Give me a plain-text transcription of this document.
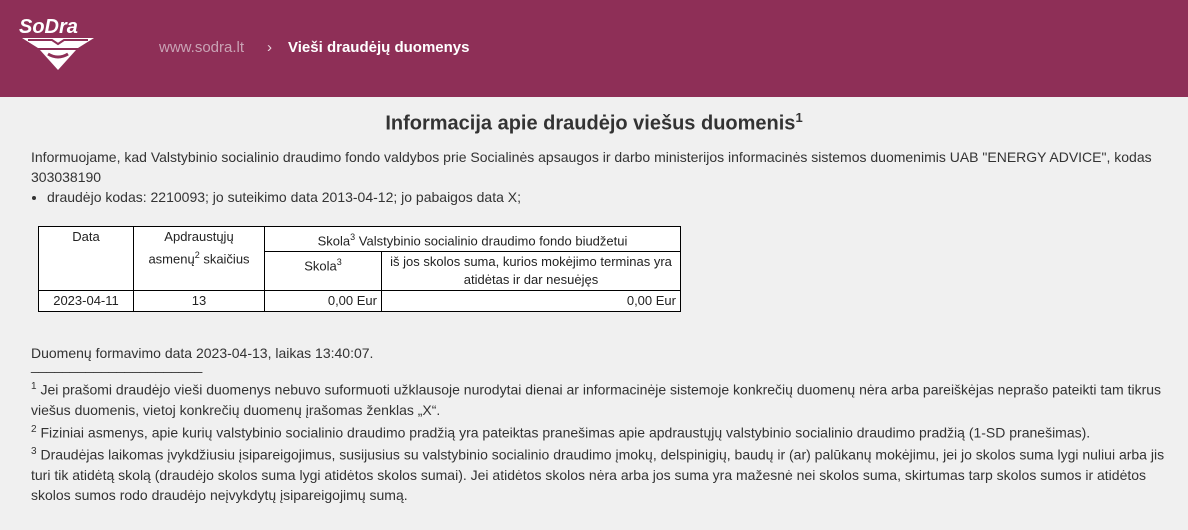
SoDra
www.sodra.lt › Vieši draudėjų duomenys
Informacija apie draudėjo viešus duomenis$^1$

Informuojame, kad Valstybinio socialinio draudimo fondo valdybos prie Socialinės apsaugos ir darbo ministerijos informacinės sistemos duomenimis UAB "ENERGY ADVICE", kodas 303038190

• draudėjo kodas: 2210093; jo suteikimo data 2013-04-12; jo pabaigos data X;
Data	Apdraustųjų asmenų$^2$ skaičius	Skola$^3$ Valstybinio socialinio draudimo fondo biudžetui	
		Skola$^3$	iš jos skolos suma, kurios mokėjimo terminas yra atidėtas ir dar nesuėjęs
2023-04-11	13	0,00 Eur	0,00 Eur
Duomenų formavimo data 2023-04-13, laikas 13:40:07.

______________________

$^1$ Jei prašomi draudėjo vieši duomenys nebuvo suformuoti užklausoje nurodytai dienai ar informacinėje sistemoje konkrečių duomenų nėra arba pareiškėjas neprašo pateikti tam tikrus viešus duomenis, vietoj konkrečių duomenų įrašomas ženklas „X“.

$^2$ Fiziniai asmenys, apie kurių valstybinio socialinio draudimo pradžią yra pateiktas pranešimas apie apdraustųjų valstybinio socialinio draudimo pradžią (1-SD pranešimas).

$^3$ Draudėjas laikomas įvykdžiusiu įsipareigojimus, susijusius su valstybinio socialinio draudimo įmokų, delspinigių, baudų ir (ar) palūkanų mokėjimu, jei jo skolos suma lygi nuliui arba jis turi tik atidėtą skolą (draudėjo skolos suma lygi atidėtos skolos sumai). Jei atidėtos skolos nėra arba jos suma yra mažesnė nei skolos suma, skirtumas tarp skolos sumos ir atidėtos skolos sumos rodo draudėjo neįvykdytų įsipareigojimų sumą.
